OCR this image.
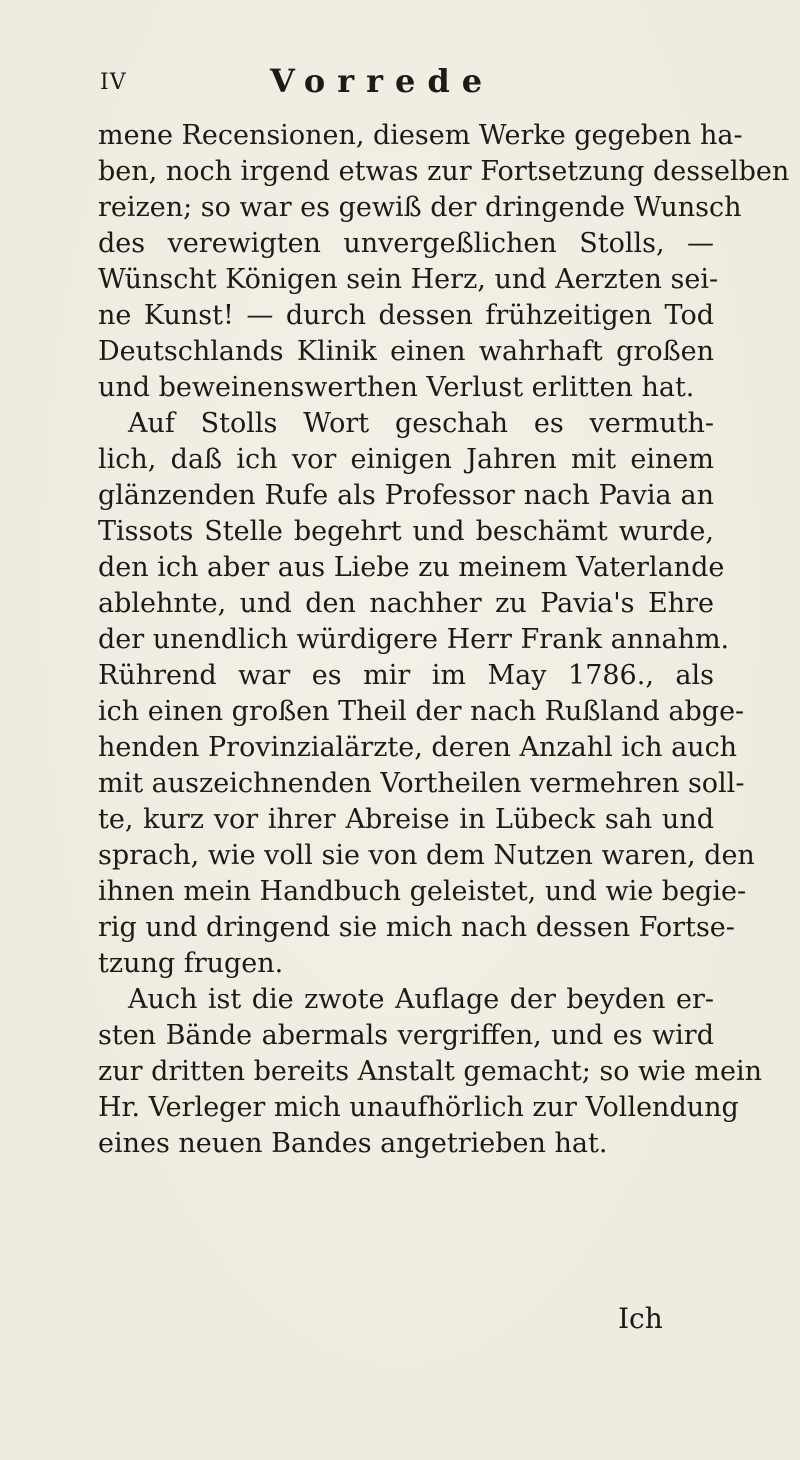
IV	Vorrede
mene Recensionen, diesem Werke gegeben ha-
ben, noch irgend etwas zur Fortsetzung desselben
reizen; so war es gewiß der dringende Wunsch
des verewigten unvergeßlichen Stolls, —
Wünscht Königen sein Herz, und Aerzten sei-
ne Kunst! — durch dessen frühzeitigen Tod
Deutschlands Klinik einen wahrhaft großen
und beweinenswerthen Verlust erlitten hat.
Auf Stolls Wort geschah es vermuth-
lich, daß ich vor einigen Jahren mit einem
glänzenden Rufe als Professor nach Pavia an
Tissots Stelle begehrt und beschämt wurde,
den ich aber aus Liebe zu meinem Vaterlande
ablehnte, und den nachher zu Pavia's Ehre
der unendlich würdigere Herr Frank annahm.
Rührend war es mir im May 1786., als
ich einen großen Theil der nach Rußland abge-
henden Provinzialärzte, deren Anzahl ich auch
mit auszeichnenden Vortheilen vermehren soll-
te, kurz vor ihrer Abreise in Lübeck sah und
sprach, wie voll sie von dem Nutzen waren, den
ihnen mein Handbuch geleistet, und wie begie-
rig und dringend sie mich nach dessen Fortse-
tzung frugen.
Auch ist die zwote Auflage der beyden er-
sten Bände abermals vergriffen, und es wird
zur dritten bereits Anstalt gemacht; so wie mein
Hr. Verleger mich unaufhörlich zur Vollendung
eines neuen Bandes angetrieben hat.
Ich
